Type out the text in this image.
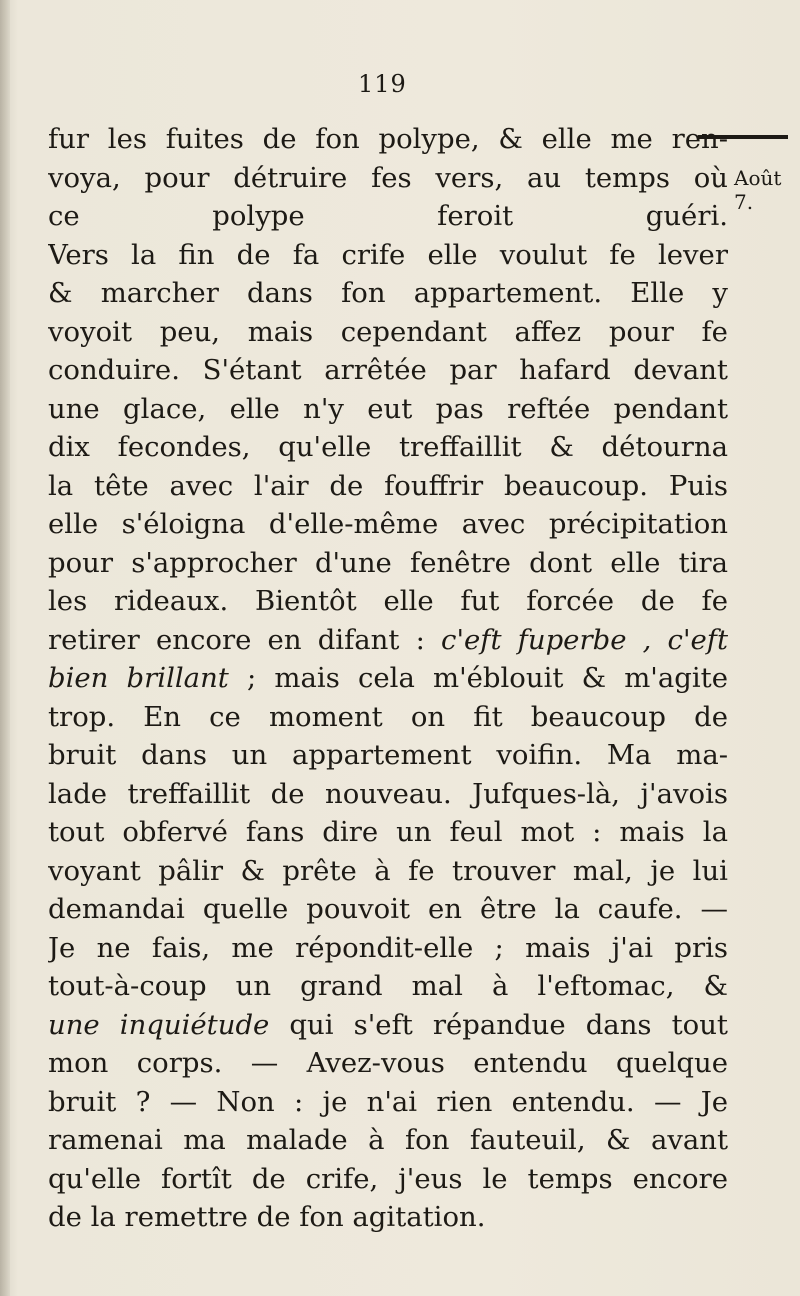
119
Août 7.
fur les fuites de fon polype, & elle me ren-
voya, pour détruire fes vers, au temps où
ce polype feroit guéri.
Vers la fin de fa crife elle voulut fe lever
& marcher dans fon appartement. Elle y
voyoit peu, mais cependant affez pour fe
conduire. S'étant arrêtée par hafard devant
une glace, elle n'y eut pas reftée pendant
dix fecondes, qu'elle treffaillit & détourna
la tête avec l'air de fouffrir beaucoup. Puis
elle s'éloigna d'elle-même avec précipitation
pour s'approcher d'une fenêtre dont elle tira
les rideaux. Bientôt elle fut forcée de fe
retirer encore en difant : c'eft fuperbe , c'eft
bien brillant ; mais cela m'éblouit & m'agite
trop. En ce moment on fit beaucoup de
bruit dans un appartement voifin. Ma ma-
lade treffaillit de nouveau. Jufques-là, j'avois
tout obfervé fans dire un feul mot : mais la
voyant pâlir & prête à fe trouver mal, je lui
demandai quelle pouvoit en être la caufe. —
Je ne fais, me répondit-elle ; mais j'ai pris
tout-à-coup un grand mal à l'eftomac, &
une inquiétude qui s'eft répandue dans tout
mon corps. — Avez-vous entendu quelque
bruit ? — Non : je n'ai rien entendu. — Je
ramenai ma malade à fon fauteuil, & avant
qu'elle fortît de crife, j'eus le temps encore
de la remettre de fon agitation.
